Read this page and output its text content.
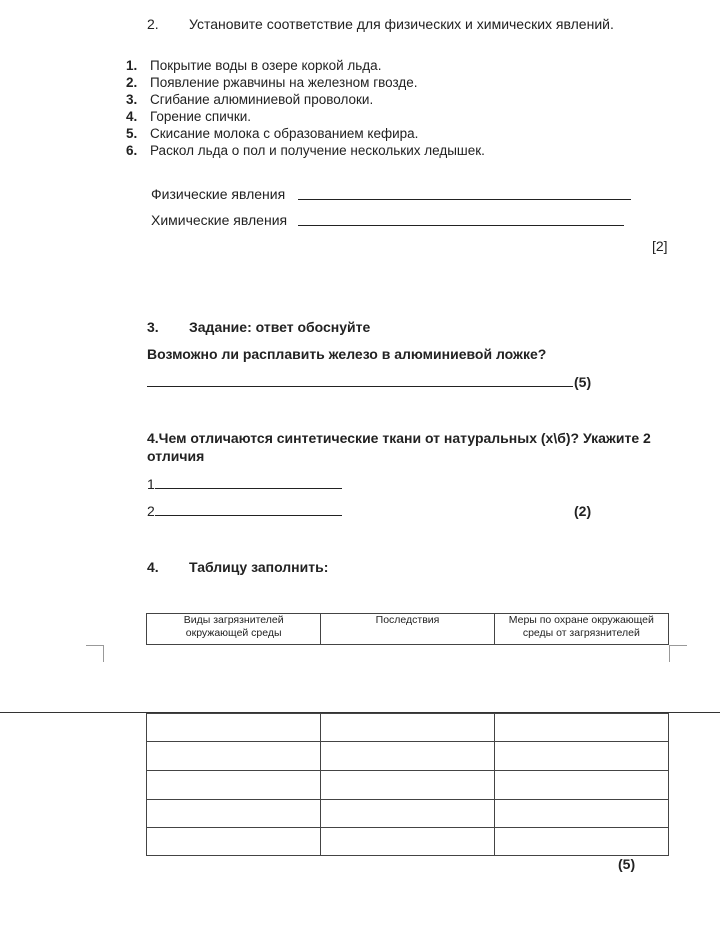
2. Установите соответствие для физических и химических явлений.
1. Покрытие воды в озере коркой льда.
2. Появление ржавчины на железном гвозде.
3. Сгибание алюминиевой проволоки.
4. Горение спички.
5. Скисание молока с образованием кефира.
6. Раскол льда о пол и получение нескольких ледышек.
Физические явления
Химические явления
[2]
3. Задание: ответ обоснуйте
Возможно ли расплавить железо в алюминиевой ложке?
(5)
4.Чем отличаются синтетические ткани от натуральных (х\б)? Укажите 2
отличия
1
2	(2)
4. Таблицу заполнить:
Виды загрязнителей
окружающей среды	Последствия	Меры по охране окружающей
среды от загрязнителей

(5)
